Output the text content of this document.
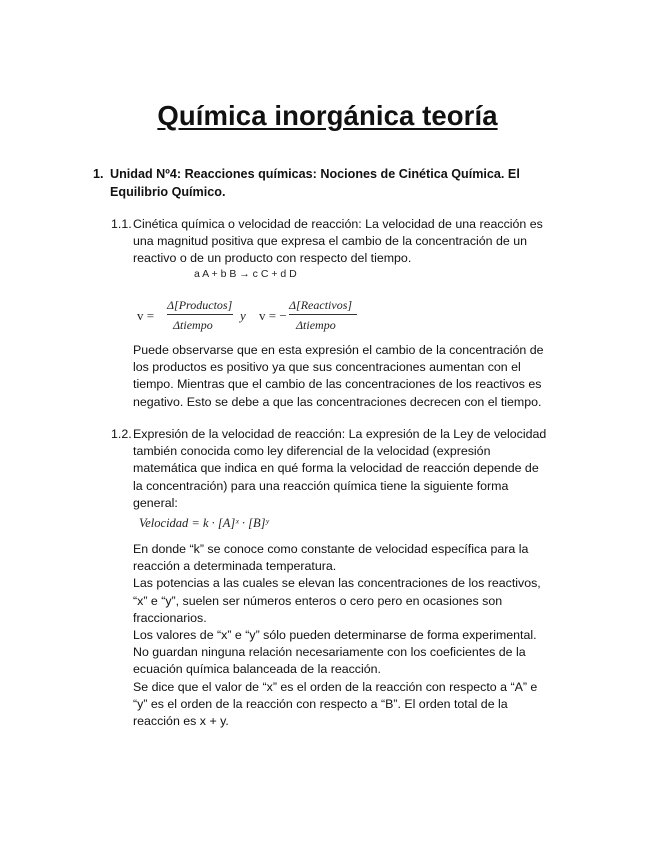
Química inorgánica teoría
1. Unidad Nº4: Reacciones químicas: Nociones de Cinética Química. El
Equilibrio Químico.
1.1. Cinética química o velocidad de reacción: La velocidad de una reacción es
una magnitud positiva que expresa el cambio de la concentración de un
reactivo o de un producto con respecto del tiempo.
a A + b B → c C + d D
v =
Δ[Productos]
Δtiempo
y v = −
Δ[Reactivos]
Δtiempo
Puede observarse que en esta expresión el cambio de la concentración de
los productos es positivo ya que sus concentraciones aumentan con el
tiempo. Mientras que el cambio de las concentraciones de los reactivos es
negativo. Esto se debe a que las concentraciones decrecen con el tiempo.
1.2. Expresión de la velocidad de reacción: La expresión de la Ley de velocidad
también conocida como ley diferencial de la velocidad (expresión
matemática que indica en qué forma la velocidad de reacción depende de
la concentración) para una reacción química tiene la siguiente forma
general:
Velocidad = k · [A]ˣ · [B]ʸ
En donde “k” se conoce como constante de velocidad específica para la
reacción a determinada temperatura.
Las potencias a las cuales se elevan las concentraciones de los reactivos,
“x” e “y”, suelen ser números enteros o cero pero en ocasiones son
fraccionarios.
Los valores de “x” e “y” sólo pueden determinarse de forma experimental.
No guardan ninguna relación necesariamente con los coeficientes de la
ecuación química balanceada de la reacción.
Se dice que el valor de “x” es el orden de la reacción con respecto a “A” e
“y” es el orden de la reacción con respecto a “B”. El orden total de la
reacción es x + y.
